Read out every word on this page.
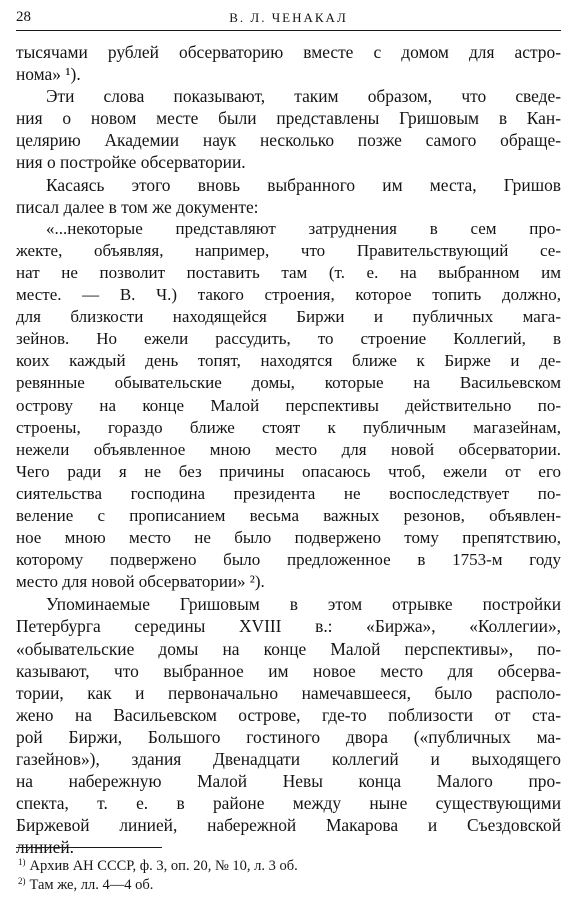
28	В. Л. ЧЕНАКАЛ
тысячами рублей обсерваторию вместе с домом для астро-
нома» ¹).
Эти слова показывают, таким образом, что сведе-
ния о новом месте были представлены Гришовым в Кан-
целярию Академии наук несколько позже самого обраще-
ния о постройке обсерватории.
Касаясь этого вновь выбранного им места, Гришов
писал далее в том же документе:
«...некоторые представляют затруднения в сем про-
жекте, объявляя, например, что Правительствующий се-
нат не позволит поставить там (т. е. на выбранном им
месте. — В. Ч.) такого строения, которое топить должно,
для близкости находящейся Биржи и публичных мага-
зейнов. Но ежели рассудить, то строение Коллегий, в
коих каждый день топят, находятся ближе к Бирже и де-
ревянные обывательские домы, которые на Васильевском
острову на конце Малой перспективы действительно по-
строены, гораздо ближе стоят к публичным магазейнам,
нежели объявленное мною место для новой обсерватории.
Чего ради я не без причины опасаюсь чтоб, ежели от его
сиятельства господина президента не воспоследствует по-
веление с прописанием весьма важных резонов, объявлен-
ное мною место не было подвержено тому препятствию,
которому подвержено было предложенное в 1753-м году
место для новой обсерватории» ²).
Упоминаемые Гришовым в этом отрывке постройки
Петербурга середины XVIII в.: «Биржа», «Коллегии»,
«обывательские домы на конце Малой перспективы», по-
казывают, что выбранное им новое место для обсерва-
тории, как и первоначально намечавшееся, было располо-
жено на Васильевском острове, где-то поблизости от ста-
рой Биржи, Большого гостиного двора («публичных ма-
газейнов»), здания Двенадцати коллегий и выходящего
на набережную Малой Невы конца Малого про-
спекта, т. е. в районе между ныне существующими
Биржевой линией, набережной Макарова и Съездовской
линией.
$^{1)}$ Архив АН СССР, ф. 3, оп. 20, № 10, л. 3 об.
$^{2)}$ Там же, лл. 4—4 об.
